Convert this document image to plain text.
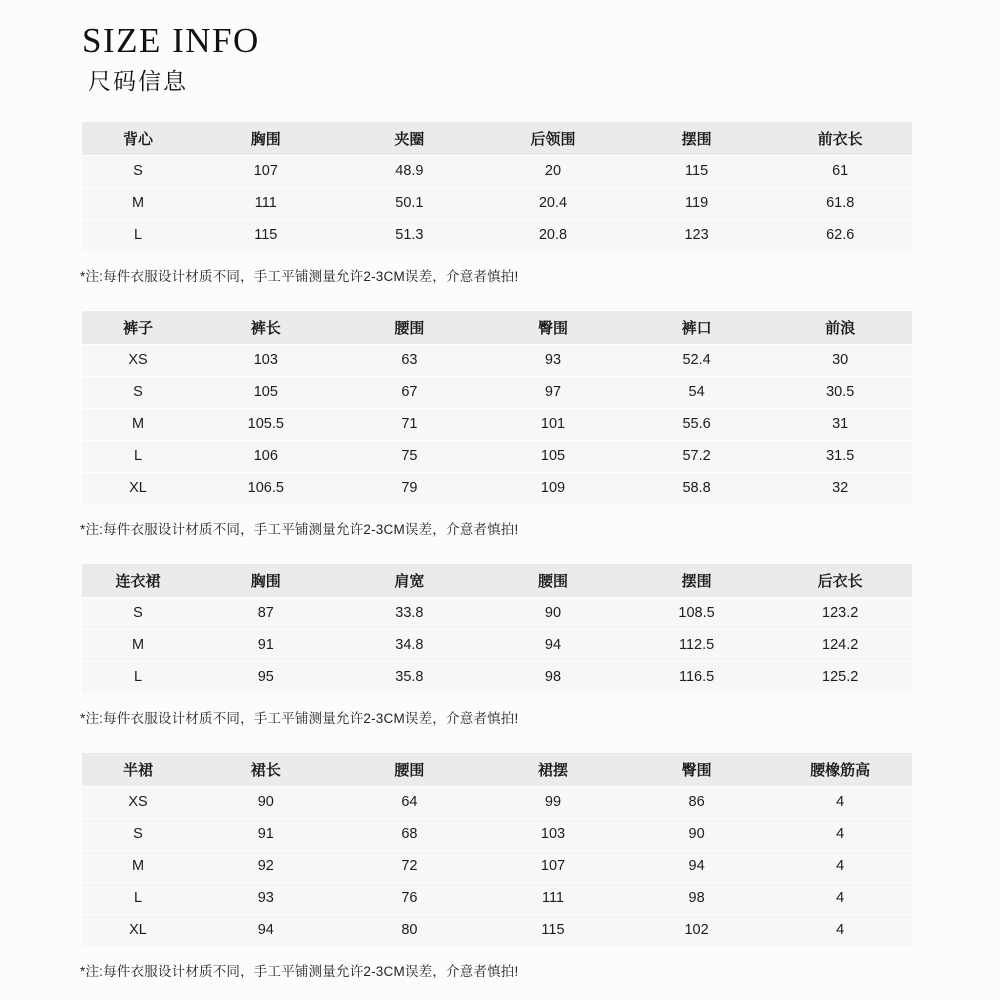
SIZE INFO
尺码信息
背心	胸围	夹圈	后领围	摆围	前衣长
S	107	48.9	20	115	61
M	111	50.1	20.4	119	61.8
L	115	51.3	20.8	123	62.6
*注:每件衣服设计材质不同，手工平铺测量允许2-3CM误差，介意者慎拍!
裤子	裤长	腰围	臀围	裤口	前浪
XS	103	63	93	52.4	30
S	105	67	97	54	30.5
M	105.5	71	101	55.6	31
L	106	75	105	57.2	31.5
XL	106.5	79	109	58.8	32
*注:每件衣服设计材质不同，手工平铺测量允许2-3CM误差，介意者慎拍!
连衣裙	胸围	肩宽	腰围	摆围	后衣长
S	87	33.8	90	108.5	123.2
M	91	34.8	94	112.5	124.2
L	95	35.8	98	116.5	125.2
*注:每件衣服设计材质不同，手工平铺测量允许2-3CM误差，介意者慎拍!
半裙	裙长	腰围	裙摆	臀围	腰橡筋高
XS	90	64	99	86	4
S	91	68	103	90	4
M	92	72	107	94	4
L	93	76	111	98	4
XL	94	80	115	102	4
*注:每件衣服设计材质不同，手工平铺测量允许2-3CM误差，介意者慎拍!
